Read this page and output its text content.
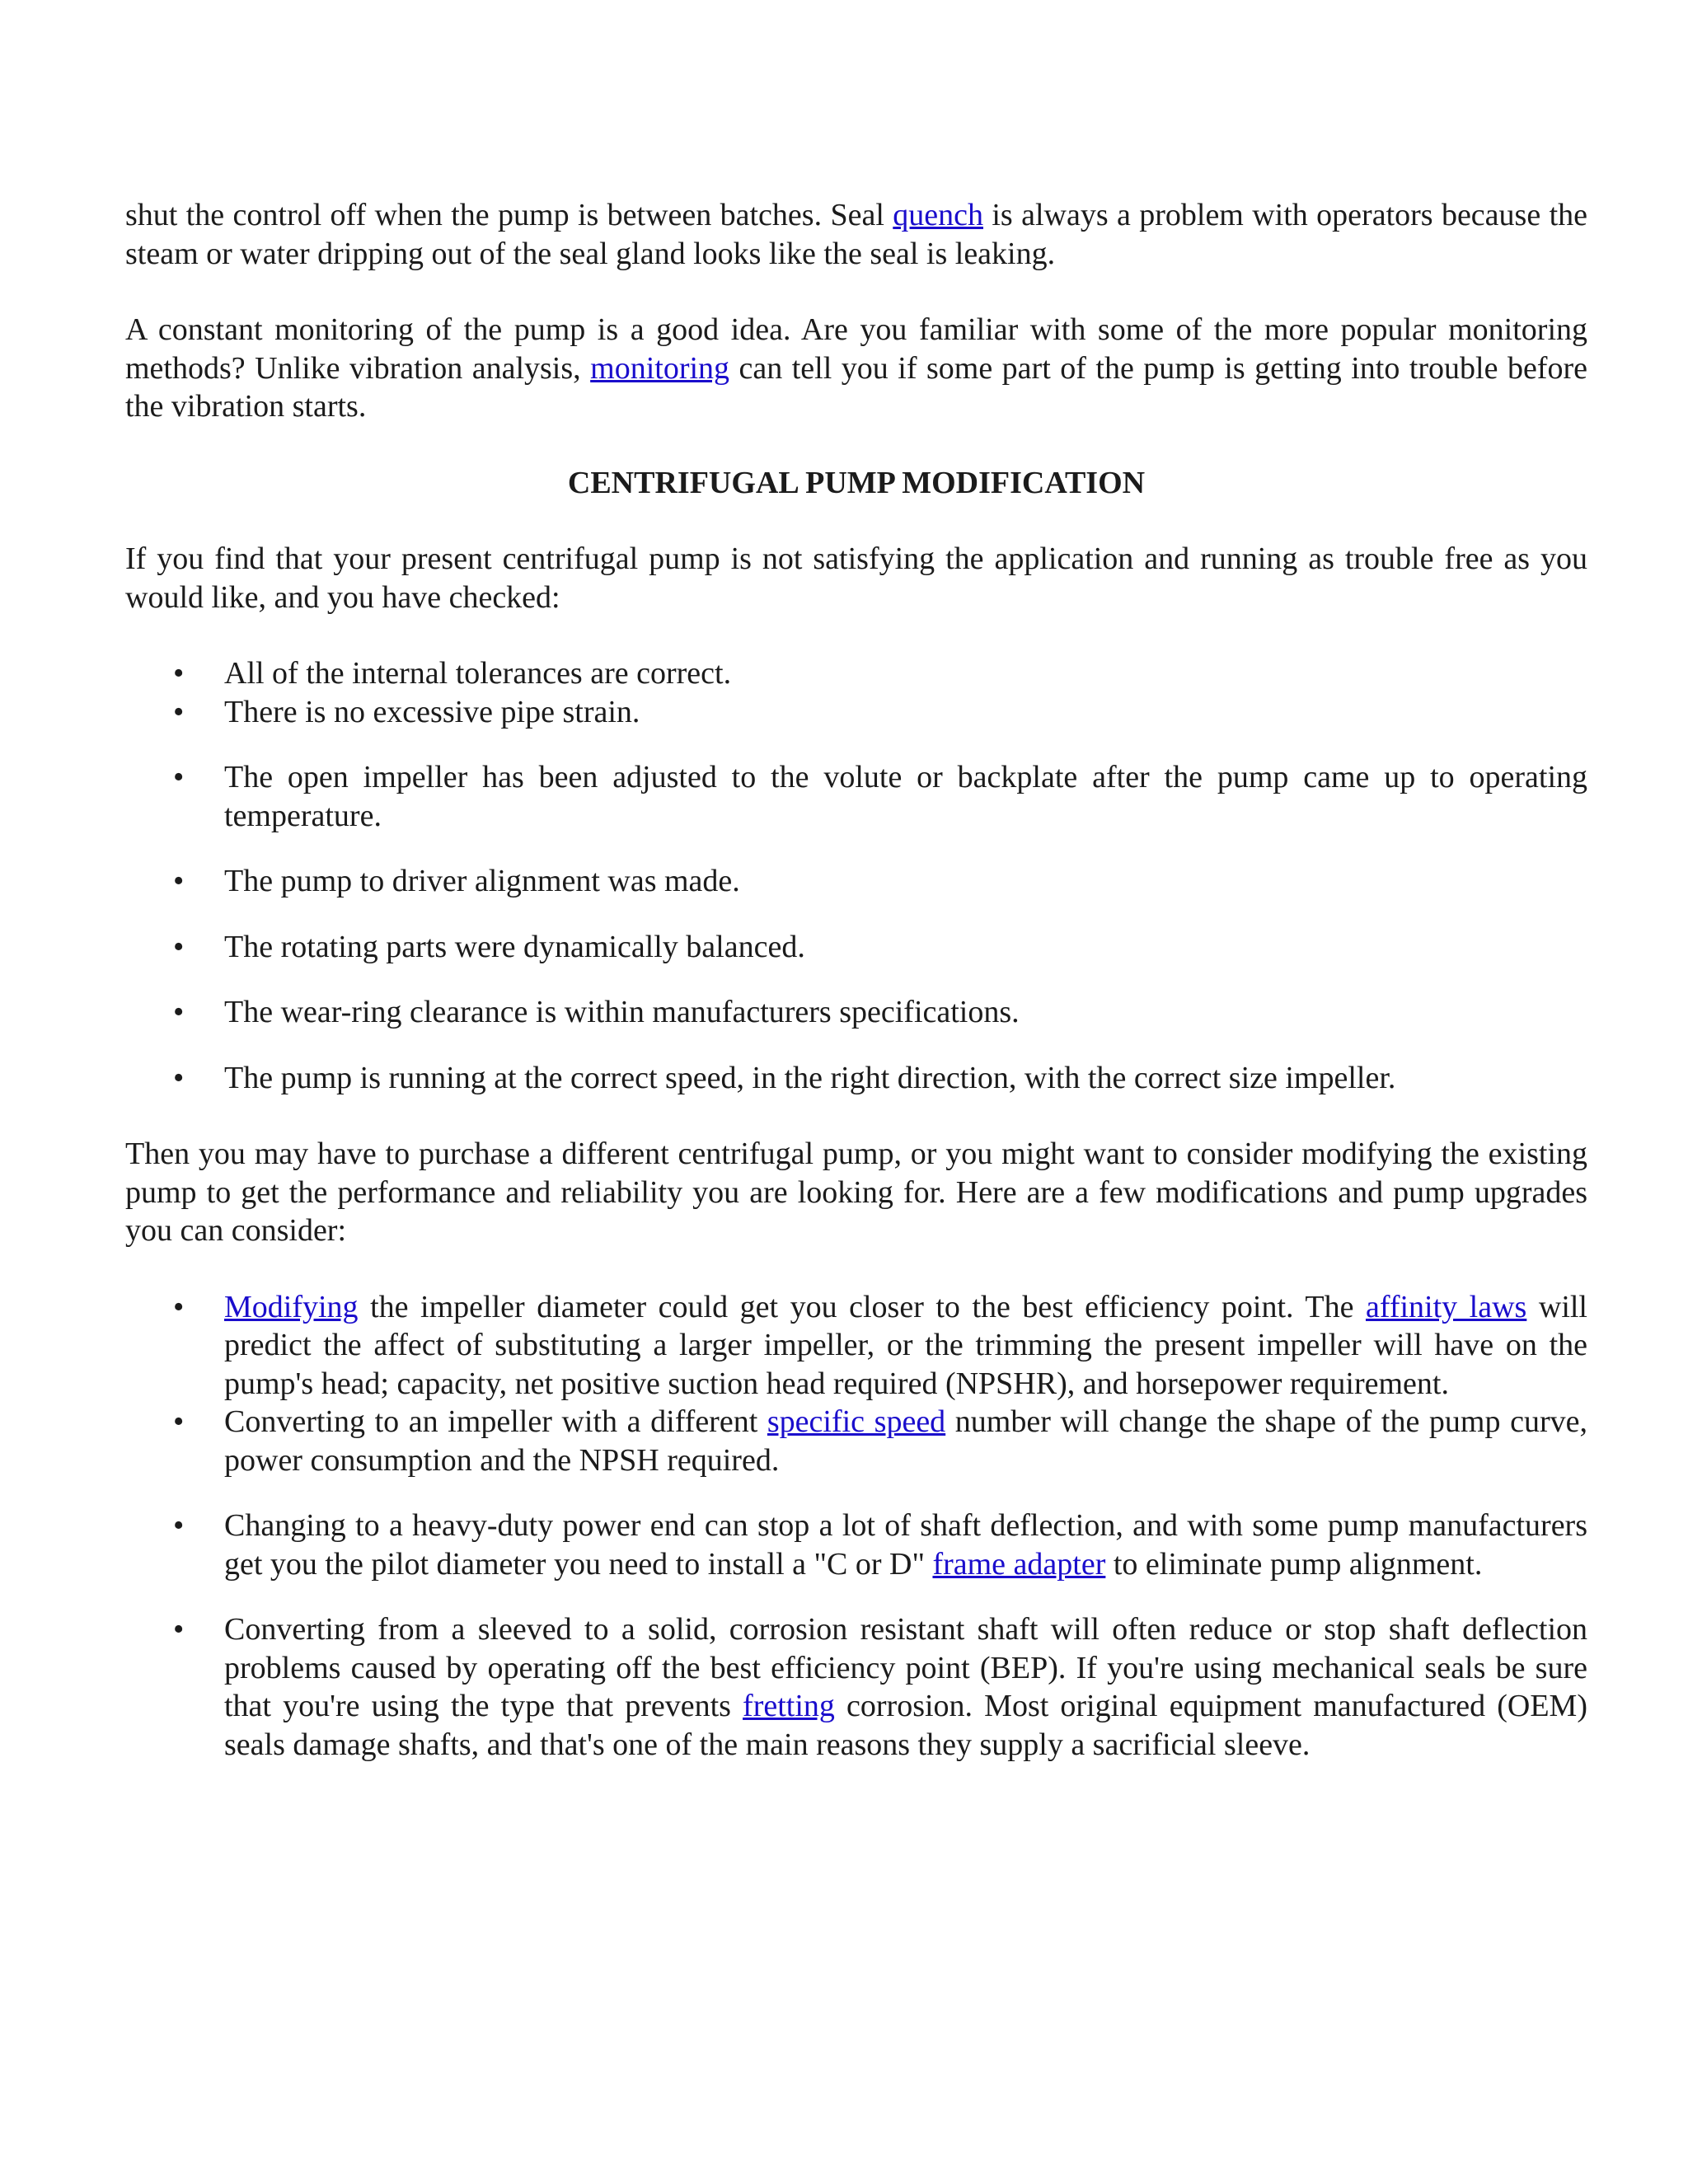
shut the control off when the pump is between batches. Seal quench is always a problem with operators because the steam or water dripping out of the seal gland looks like the seal is leaking.

A constant monitoring of the pump is a good idea. Are you familiar with some of the more popular monitoring methods? Unlike vibration analysis, monitoring can tell you if some part of the pump is getting into trouble before the vibration starts.

CENTRIFUGAL PUMP MODIFICATION

If you find that your present centrifugal pump is not satisfying the application and running as trouble free as you would like, and you have checked:

• All of the internal tolerances are correct.
• There is no excessive pipe strain.
• The open impeller has been adjusted to the volute or backplate after the pump came up to operating temperature.
• The pump to driver alignment was made.
• The rotating parts were dynamically balanced.
• The wear-ring clearance is within manufacturers specifications.
• The pump is running at the correct speed, in the right direction, with the correct size impeller.

Then you may have to purchase a different centrifugal pump, or you might want to consider modifying the existing pump to get the performance and reliability you are looking for. Here are a few modifications and pump upgrades you can consider:

• Modifying the impeller diameter could get you closer to the best efficiency point. The affinity laws will predict the affect of substituting a larger impeller, or the trimming the present impeller will have on the pump's head; capacity, net positive suction head required (NPSHR), and horsepower requirement.
• Converting to an impeller with a different specific speed number will change the shape of the pump curve, power consumption and the NPSH required.
• Changing to a heavy-duty power end can stop a lot of shaft deflection, and with some pump manufacturers get you the pilot diameter you need to install a "C or D" frame adapter to eliminate pump alignment.
• Converting from a sleeved to a solid, corrosion resistant shaft will often reduce or stop shaft deflection problems caused by operating off the best efficiency point (BEP). If you're using mechanical seals be sure that you're using the type that prevents fretting corrosion. Most original equipment manufactured (OEM) seals damage shafts, and that's one of the main reasons they supply a sacrificial sleeve.
